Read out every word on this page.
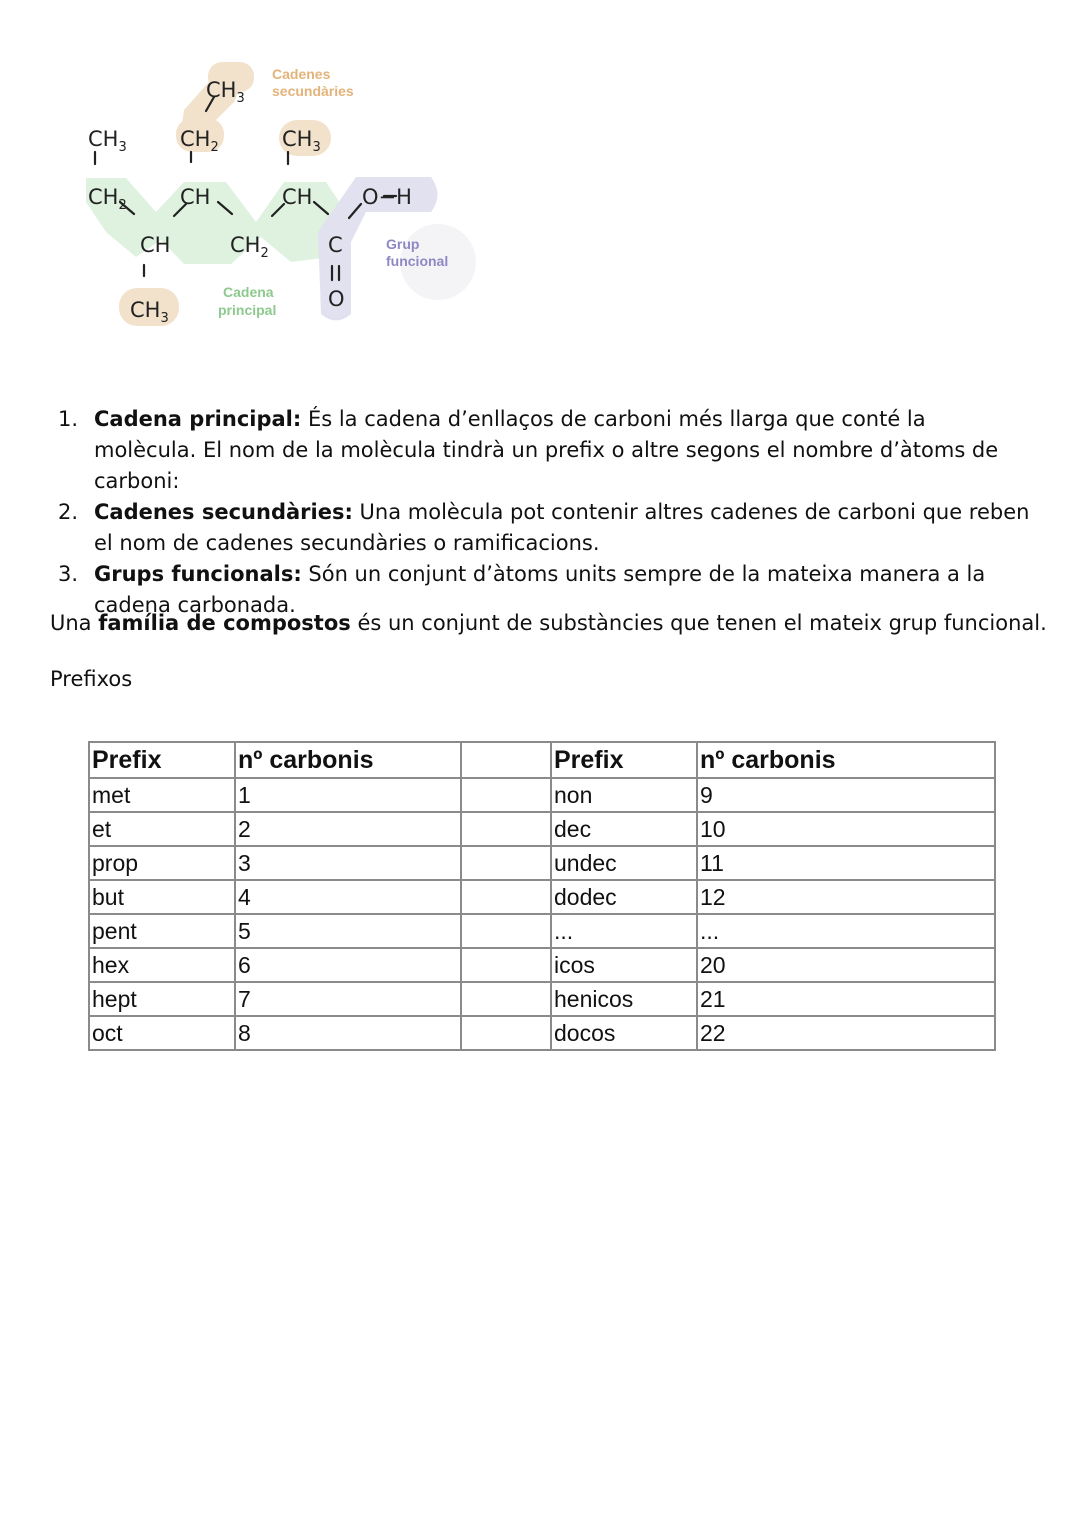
$CH_3$
$CH_3$	$CH_2$	$CH_3$
$CH_2$	CH	CH O−H
CH	$CH_2$	C
O
$CH_3$
Cadenes
secundàries
Grup
funcional
Cadena
principal
1. Cadena principal: És la cadena d’enllaços de carboni més llarga que conté la molècula. El nom de la molècula tindrà un prefix o altre segons el nombre d’àtoms de carboni:
2. Cadenes secundàries: Una molècula pot contenir altres cadenes de carboni que reben el nom de cadenes secundàries o ramificacions.
3. Grups funcionals: Són un conjunt d’àtoms units sempre de la mateixa manera a la cadena carbonada.

Una família de compostos és un conjunt de substàncies que tenen el mateix grup funcional.

Prefixos

Prefix	nº carbonis		Prefix	nº carbonis
met	1		non	9
et	2		dec	10
prop	3		undec	11
but	4		dodec	12
pent	5		...	...
hex	6		icos	20
hept	7		henicos	21
oct	8		docos	22
